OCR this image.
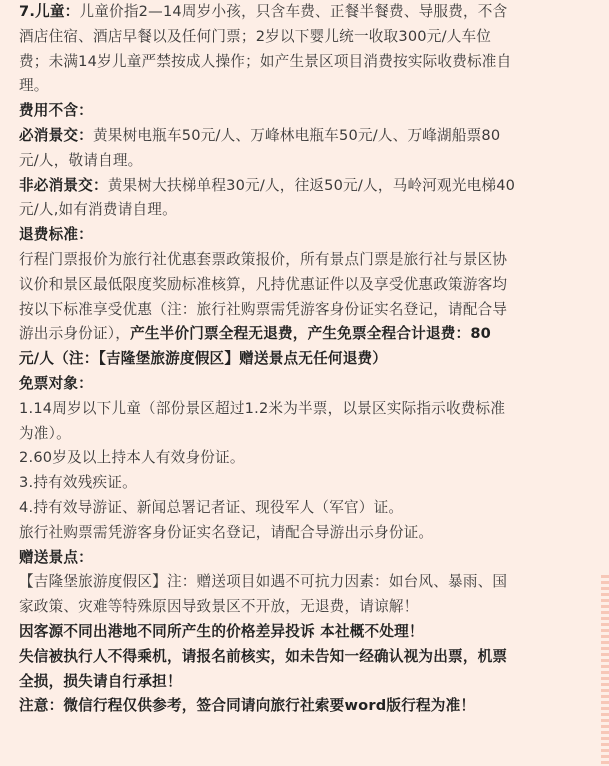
7.儿童：儿童价指2—14周岁小孩，只含车费、正餐半餐费、导服费，不含
酒店住宿、酒店早餐以及任何门票；2岁以下婴儿统一收取300元/人车位
费；未满14岁儿童严禁按成人操作；如产生景区项目消费按实际收费标准自
理。
费用不含：
必消景交：黄果树电瓶车50元/人、万峰林电瓶车50元/人、万峰湖船票80
元/人，敬请自理。
非必消景交：黄果树大扶梯单程30元/人，往返50元/人，马岭河观光电梯40
元/人,如有消费请自理。
退费标准：
行程门票报价为旅行社优惠套票政策报价，所有景点门票是旅行社与景区协
议价和景区最低限度奖励标准核算，凡持优惠证件以及享受优惠政策游客均
按以下标准享受优惠（注：旅行社购票需凭游客身份证实名登记，请配合导
游出示身份证），产生半价门票全程无退费，产生免票全程合计退费：80
元/人（注：【吉隆堡旅游度假区】赠送景点无任何退费）
免票对象：
1.14周岁以下儿童（部份景区超过1.2米为半票，以景区实际指示收费标准
为准）。
2.60岁及以上持本人有效身份证。
3.持有效残疾证。
4.持有效导游证、新闻总署记者证、现役军人（军官）证。
旅行社购票需凭游客身份证实名登记，请配合导游出示身份证。
赠送景点：
【吉隆堡旅游度假区】注：赠送项目如遇不可抗力因素：如台风、暴雨、国
家政策、灾难等特殊原因导致景区不开放，无退费，请谅解！
因客源不同出港地不同所产生的价格差异投诉 本社概不处理！
失信被执行人不得乘机，请报名前核实，如未告知一经确认视为出票，机票
全损，损失请自行承担！
注意：微信行程仅供参考，签合同请向旅行社索要word版行程为准！
